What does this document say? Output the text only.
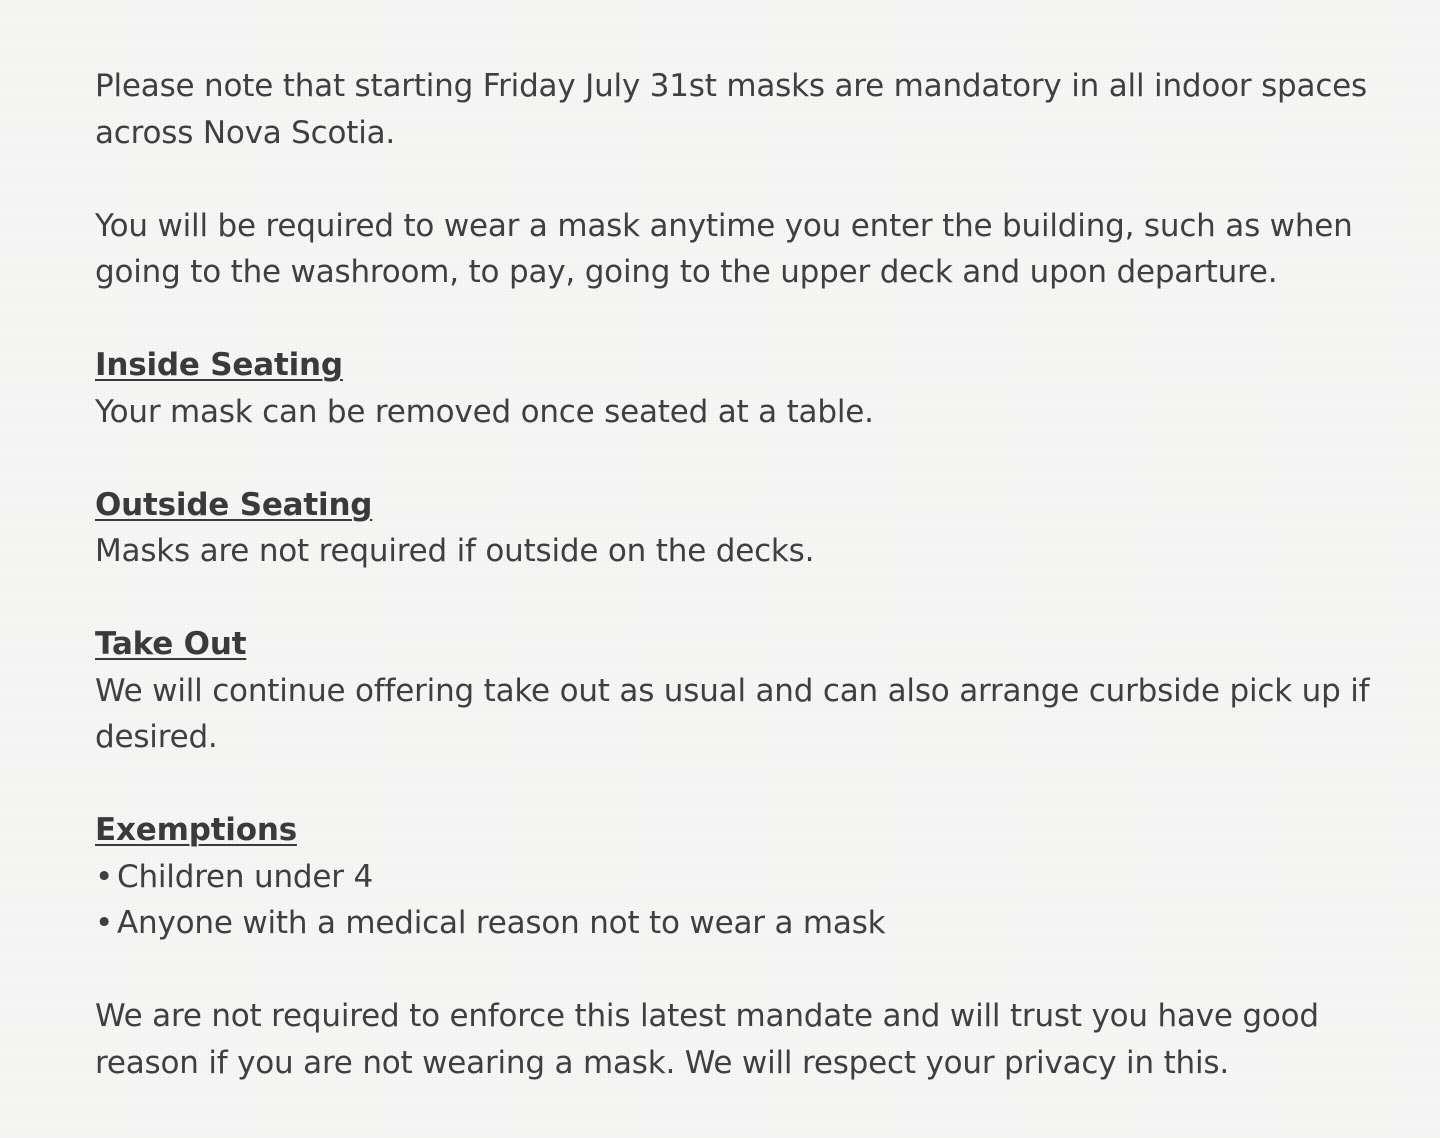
Please note that starting Friday July 31st masks are mandatory in all indoor spaces across Nova Scotia.

You will be required to wear a mask anytime you enter the building, such as when going to the washroom, to pay, going to the upper deck and upon departure.

Inside Seating

Your mask can be removed once seated at a table.

Outside Seating

Masks are not required if outside on the decks.

Take Out

We will continue offering take out as usual and can also arrange curbside pick up if desired.

Exemptions
• Children under 4
• Anyone with a medical reason not to wear a mask

We are not required to enforce this latest mandate and will trust you have good reason if you are not wearing a mask. We will respect your privacy in this.
